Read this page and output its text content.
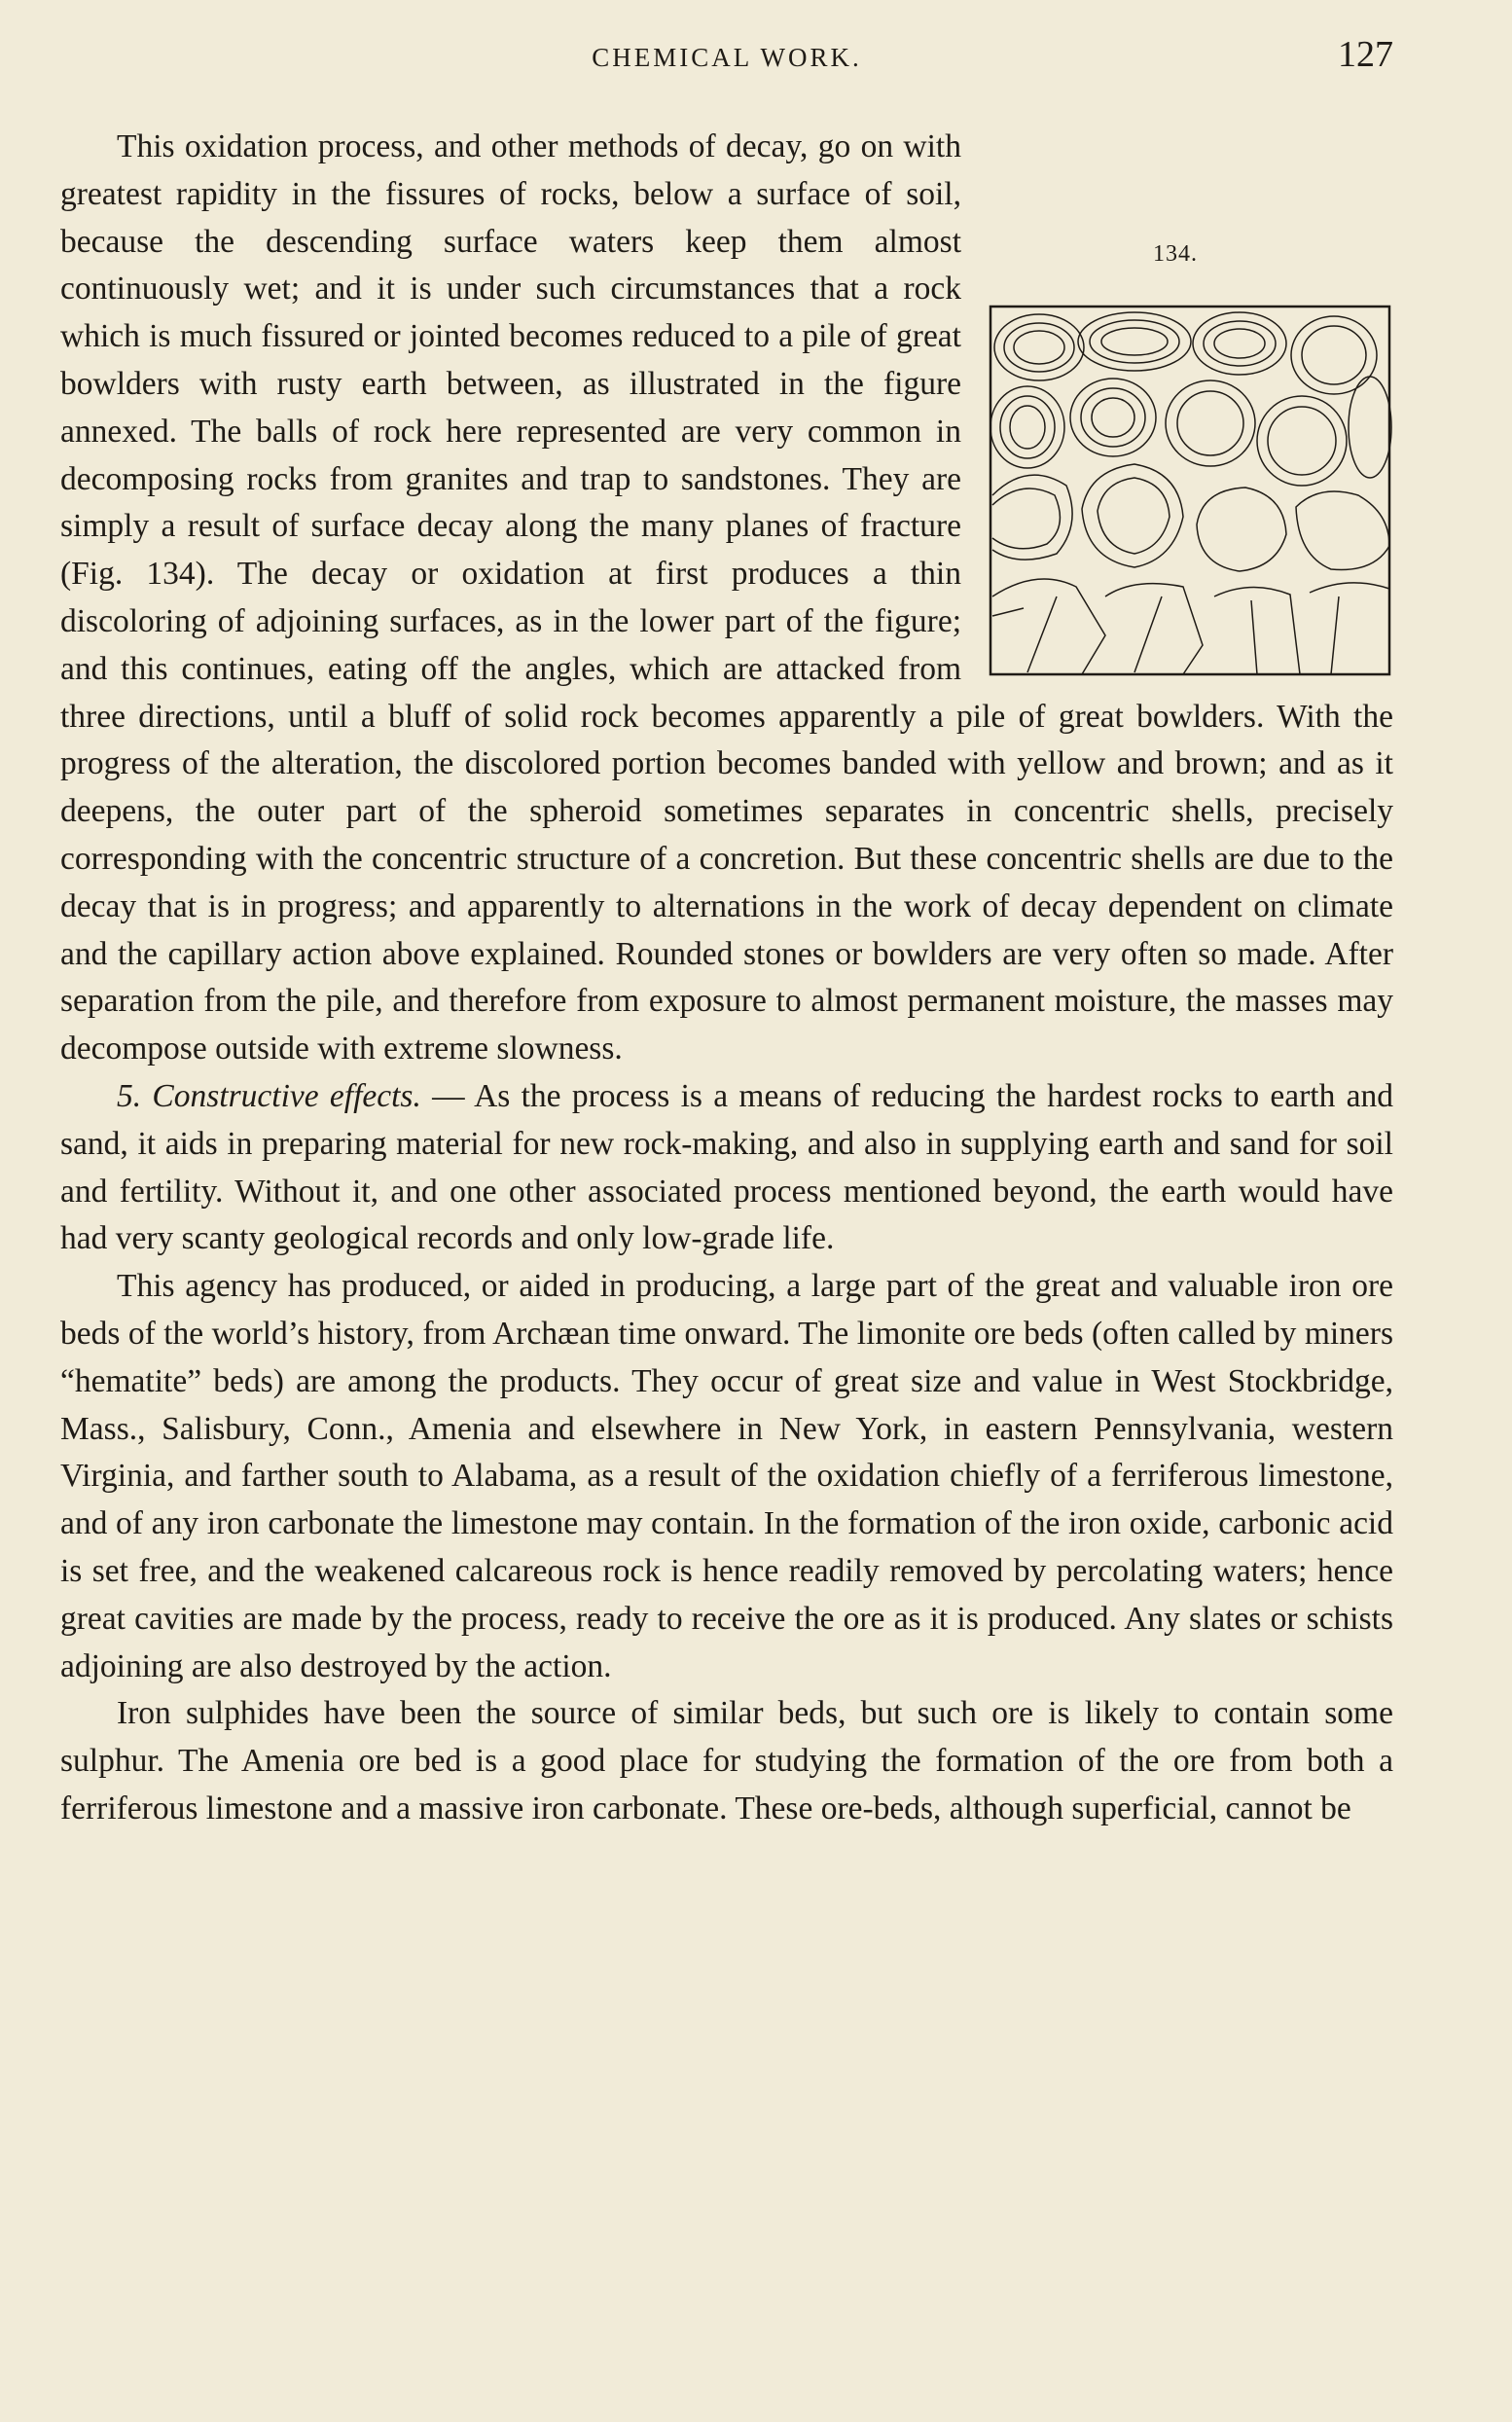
CHEMICAL WORK.	127
134.

This oxidation process, and other methods of decay, go on with greatest rapidity in the fissures of rocks, below a surface of soil, because the descending surface waters keep them almost continuously wet; and it is under such circumstances that a rock which is much fissured or jointed becomes reduced to a pile of great bowlders with rusty earth between, as illustrated in the figure annexed. The balls of rock here represented are very common in decomposing rocks from granites and trap to sandstones. They are simply a result of surface decay along the many planes of fracture (Fig. 134). The decay or oxidation at first produces a thin discoloring of adjoining surfaces, as in the lower part of the figure; and this continues, eating off the angles, which are attacked from three directions, until a bluff of solid rock becomes apparently a pile of great bowlders. With the progress of the alteration, the discolored portion becomes banded with yellow and brown; and as it deepens, the outer part of the spheroid sometimes separates in concentric shells, precisely corresponding with the concentric structure of a concretion. But these concentric shells are due to the decay that is in progress; and apparently to alternations in the work of decay dependent on climate and the capillary action above explained. Rounded stones or bowlders are very often so made. After separation from the pile, and therefore from exposure to almost permanent moisture, the masses may decompose outside with extreme slowness.

5. Constructive effects. — As the process is a means of reducing the hardest rocks to earth and sand, it aids in preparing material for new rock-making, and also in supplying earth and sand for soil and fertility. Without it, and one other associated process mentioned beyond, the earth would have had very scanty geological records and only low-grade life.

This agency has produced, or aided in producing, a large part of the great and valuable iron ore beds of the world’s history, from Archæan time onward. The limonite ore beds (often called by miners “hematite” beds) are among the products. They occur of great size and value in West Stockbridge, Mass., Salisbury, Conn., Amenia and elsewhere in New York, in eastern Pennsylvania, western Virginia, and farther south to Alabama, as a result of the oxidation chiefly of a ferriferous limestone, and of any iron carbonate the limestone may contain. In the formation of the iron oxide, carbonic acid is set free, and the weakened calcareous rock is hence readily removed by percolating waters; hence great cavities are made by the process, ready to receive the ore as it is produced. Any slates or schists adjoining are also destroyed by the action.

Iron sulphides have been the source of similar beds, but such ore is likely to contain some sulphur. The Amenia ore bed is a good place for studying the formation of the ore from both a ferriferous limestone and a massive iron carbonate. These ore-beds, although superficial, cannot be
